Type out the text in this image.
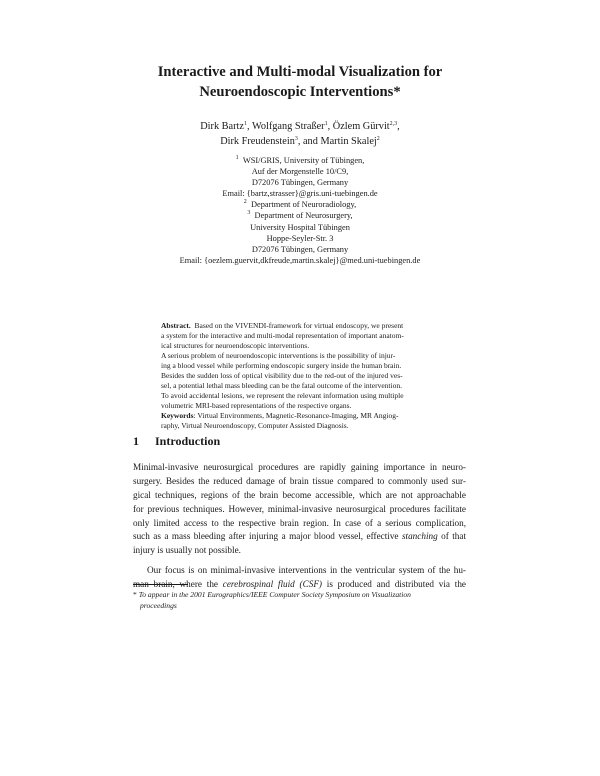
Interactive and Multi-modal Visualization for
Neuroendoscopic Interventions*
Dirk Bartz$^1$, Wolfgang Straßer$^1$, Özlem Gürvit$^{2,3}$,
Dirk Freudenstein$^3$, and Martin Skalej$^2$
$^1$ WSI/GRIS, University of Tübingen,
Auf der Morgenstelle 10/C9,
D72076 Tübingen, Germany
Email: {bartz,strasser}@gris.uni-tuebingen.de
$^2$ Department of Neuroradiology,
$^3$ Department of Neurosurgery,
University Hospital Tübingen
Hoppe-Seyler-Str. 3
D72076 Tübingen, Germany
Email: {oezlem.guervit,dkfreude,martin.skalej}@med.uni-tuebingen.de
Abstract. Based on the VIVENDI-framework for virtual endoscopy, we present
a system for the interactive and multi-modal representation of important anatom-
ical structures for neuroendoscopic interventions.
A serious problem of neuroendoscopic interventions is the possibility of injur-
ing a blood vessel while performing endoscopic surgery inside the human brain.
Besides the sudden loss of optical visibility due to the red-out of the injured ves-
sel, a potential lethal mass bleeding can be the fatal outcome of the intervention.
To avoid accidental lesions, we represent the relevant information using multiple
volumetric MRI-based representations of the respective organs.
Keywords: Virtual Environments, Magnetic-Resonance-Imaging, MR Angiog-
raphy, Virtual Neuroendoscopy, Computer Assisted Diagnosis.
1 Introduction
Minimal-invasive neurosurgical procedures are rapidly gaining importance in neuro-
surgery. Besides the reduced damage of brain tissue compared to commonly used sur-
gical techniques, regions of the brain become accessible, which are not approachable
for previous techniques. However, minimal-invasive neurosurgical procedures facilitate
only limited access to the respective brain region. In case of a serious complication,
such as a mass bleeding after injuring a major blood vessel, effective stanching of that
injury is usually not possible.
Our focus is on minimal-invasive interventions in the ventricular system of the hu-
man brain, where the cerebrospinal fluid (CSF) is produced and distributed via the
* To appear in the 2001 Eurographics/IEEE Computer Society Symposium on Visualization
proceedings
